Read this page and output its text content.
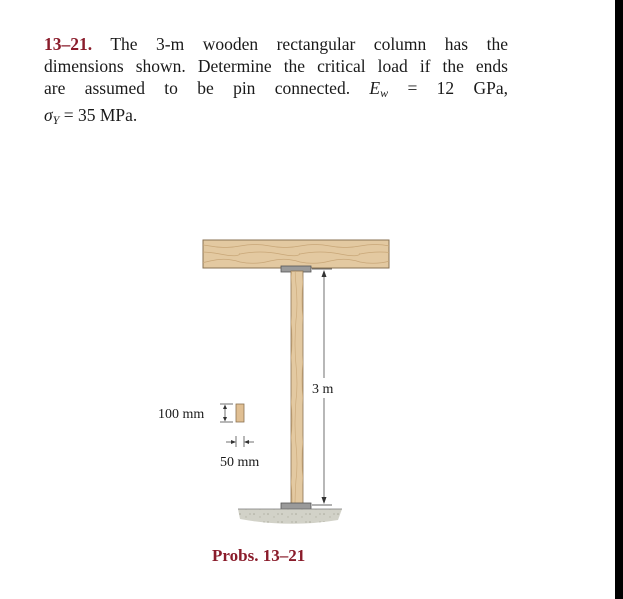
13–21. The 3-m wooden rectangular column has the
dimensions shown. Determine the critical load if the ends
are assumed to be pin connected. $E_w = 12$ GPa,
$\sigma_Y = 35$ MPa.
3 m
100 mm
50 mm
Probs. 13–21
